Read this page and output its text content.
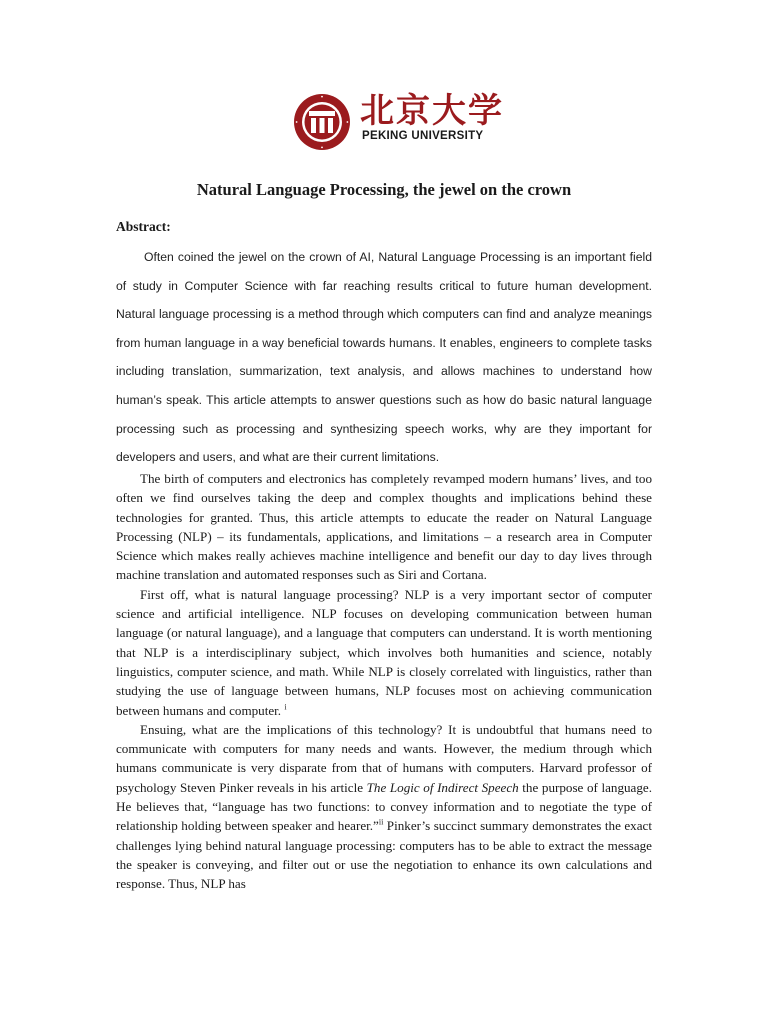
北京大学
PEKING UNIVERSITY
Natural Language Processing, the jewel on the crown
Abstract:

Often coined the jewel on the crown of AI, Natural Language Processing is an important field of study in Computer Science with far reaching results critical to future human development. Natural language processing is a method through which computers can find and analyze meanings from human language in a way beneficial towards humans. It enables, engineers to complete tasks including translation, summarization, text analysis, and allows machines to understand how human’s speak. This article attempts to answer questions such as how do basic natural language processing such as processing and synthesizing speech works, why are they important for developers and users, and what are their current limitations.

The birth of computers and electronics has completely revamped modern humans’ lives, and too often we find ourselves taking the deep and complex thoughts and implications behind these technologies for granted. Thus, this article attempts to educate the reader on Natural Language Processing (NLP) – its fundamentals, applications, and limitations – a research area in Computer Science which makes really achieves machine intelligence and benefit our day to day lives through machine translation and automated responses such as Siri and Cortana.

First off, what is natural language processing? NLP is a very important sector of computer science and artificial intelligence. NLP focuses on developing communication between human language (or natural language), and a language that computers can understand. It is worth mentioning that NLP is a interdisciplinary subject, which involves both humanities and science, notably linguistics, computer science, and math. While NLP is closely correlated with linguistics, rather than studying the use of language between humans, NLP focuses most on achieving communication between humans and computer. $^i$

Ensuing, what are the implications of this technology? It is undoubtful that humans need to communicate with computers for many needs and wants. However, the medium through which humans communicate is very disparate from that of humans with computers. Harvard professor of psychology Steven Pinker reveals in his article The Logic of Indirect Speech the purpose of language. He believes that, “language has two functions: to convey information and to negotiate the type of relationship holding between speaker and hearer.”$^{ii}$ Pinker’s succinct summary demonstrates the exact challenges lying behind natural language processing: computers has to be able to extract the message the speaker is conveying, and filter out or use the negotiation to enhance its own calculations and response. Thus, NLP has
